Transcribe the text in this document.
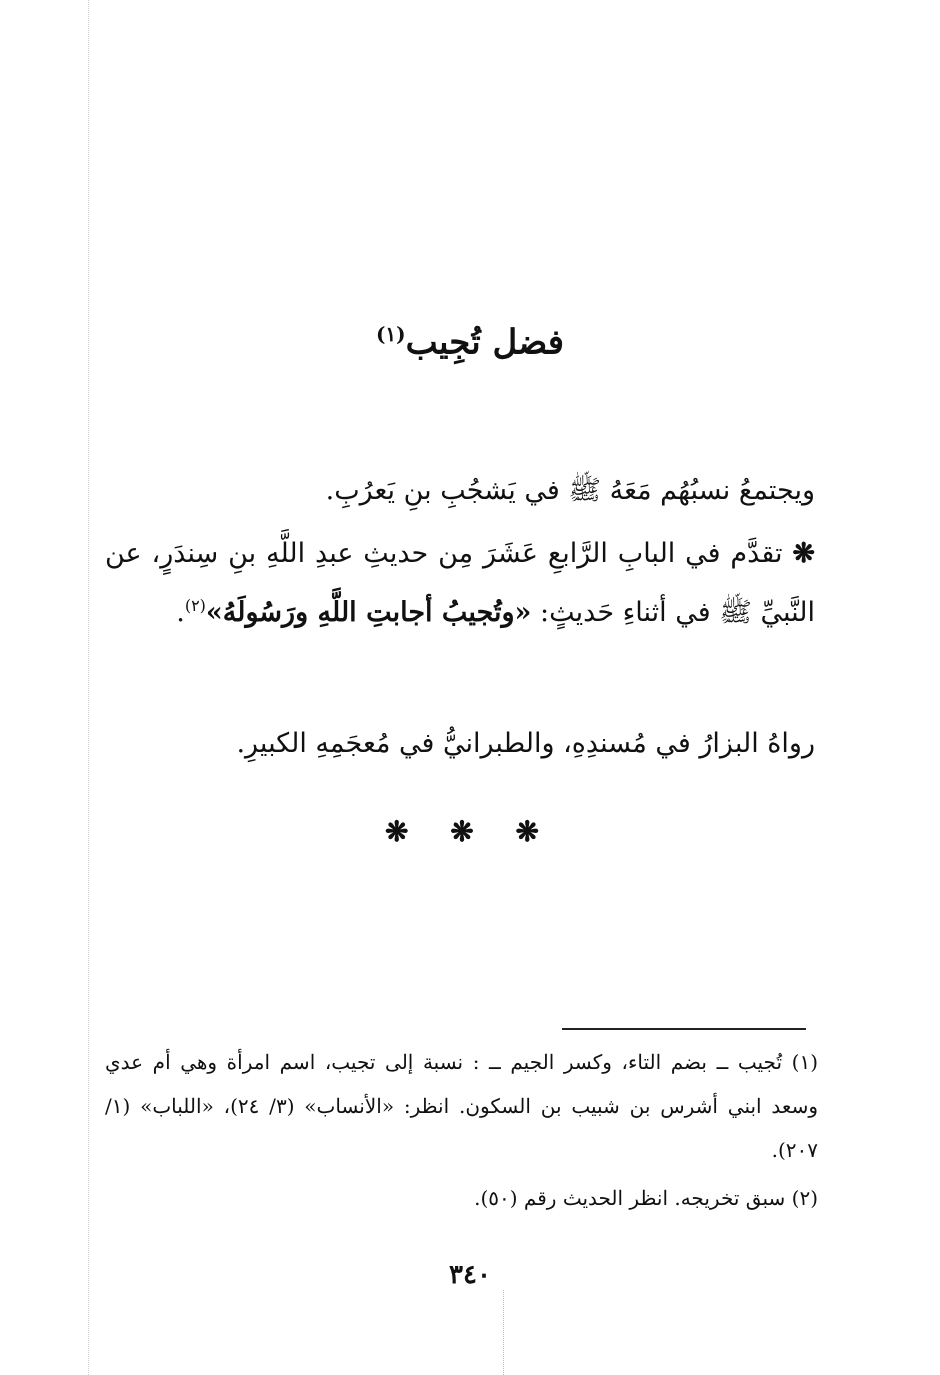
فضل تُجِيب$^{(١)}$
ويجتمعُ نسبُهُم مَعَهُ ﷺ في يَشجُبِ بنِ يَعرُبِ.
❋ تقدَّم في البابِ الرَّابعِ عَشَرَ مِن حديثِ عبدِ اللَّهِ بنِ سِندَرٍ، عن النَّبيِّ ﷺ في أثناءِ حَديثٍ: «وتُجيبُ أجابتِ اللَّهِ ورَسُولَهُ»$^{(٢)}$.
رواهُ البزارُ في مُسندِهِ، والطبرانيُّ في مُعجَمِهِ الكبيرِ.
❋ ❋ ❋
(١) تُجيب ــ بضم التاء، وكسر الجيم ــ : نسبة إلى تجيب، اسم امرأة وهي أم عدي وسعد ابني أشرس بن شبيب بن السكون. انظر: «الأنساب» (٣/ ٢٤)، «اللباب» (١/ ٢٠٧).
(٢) سبق تخريجه. انظر الحديث رقم (٥٠).
٣٤٠
